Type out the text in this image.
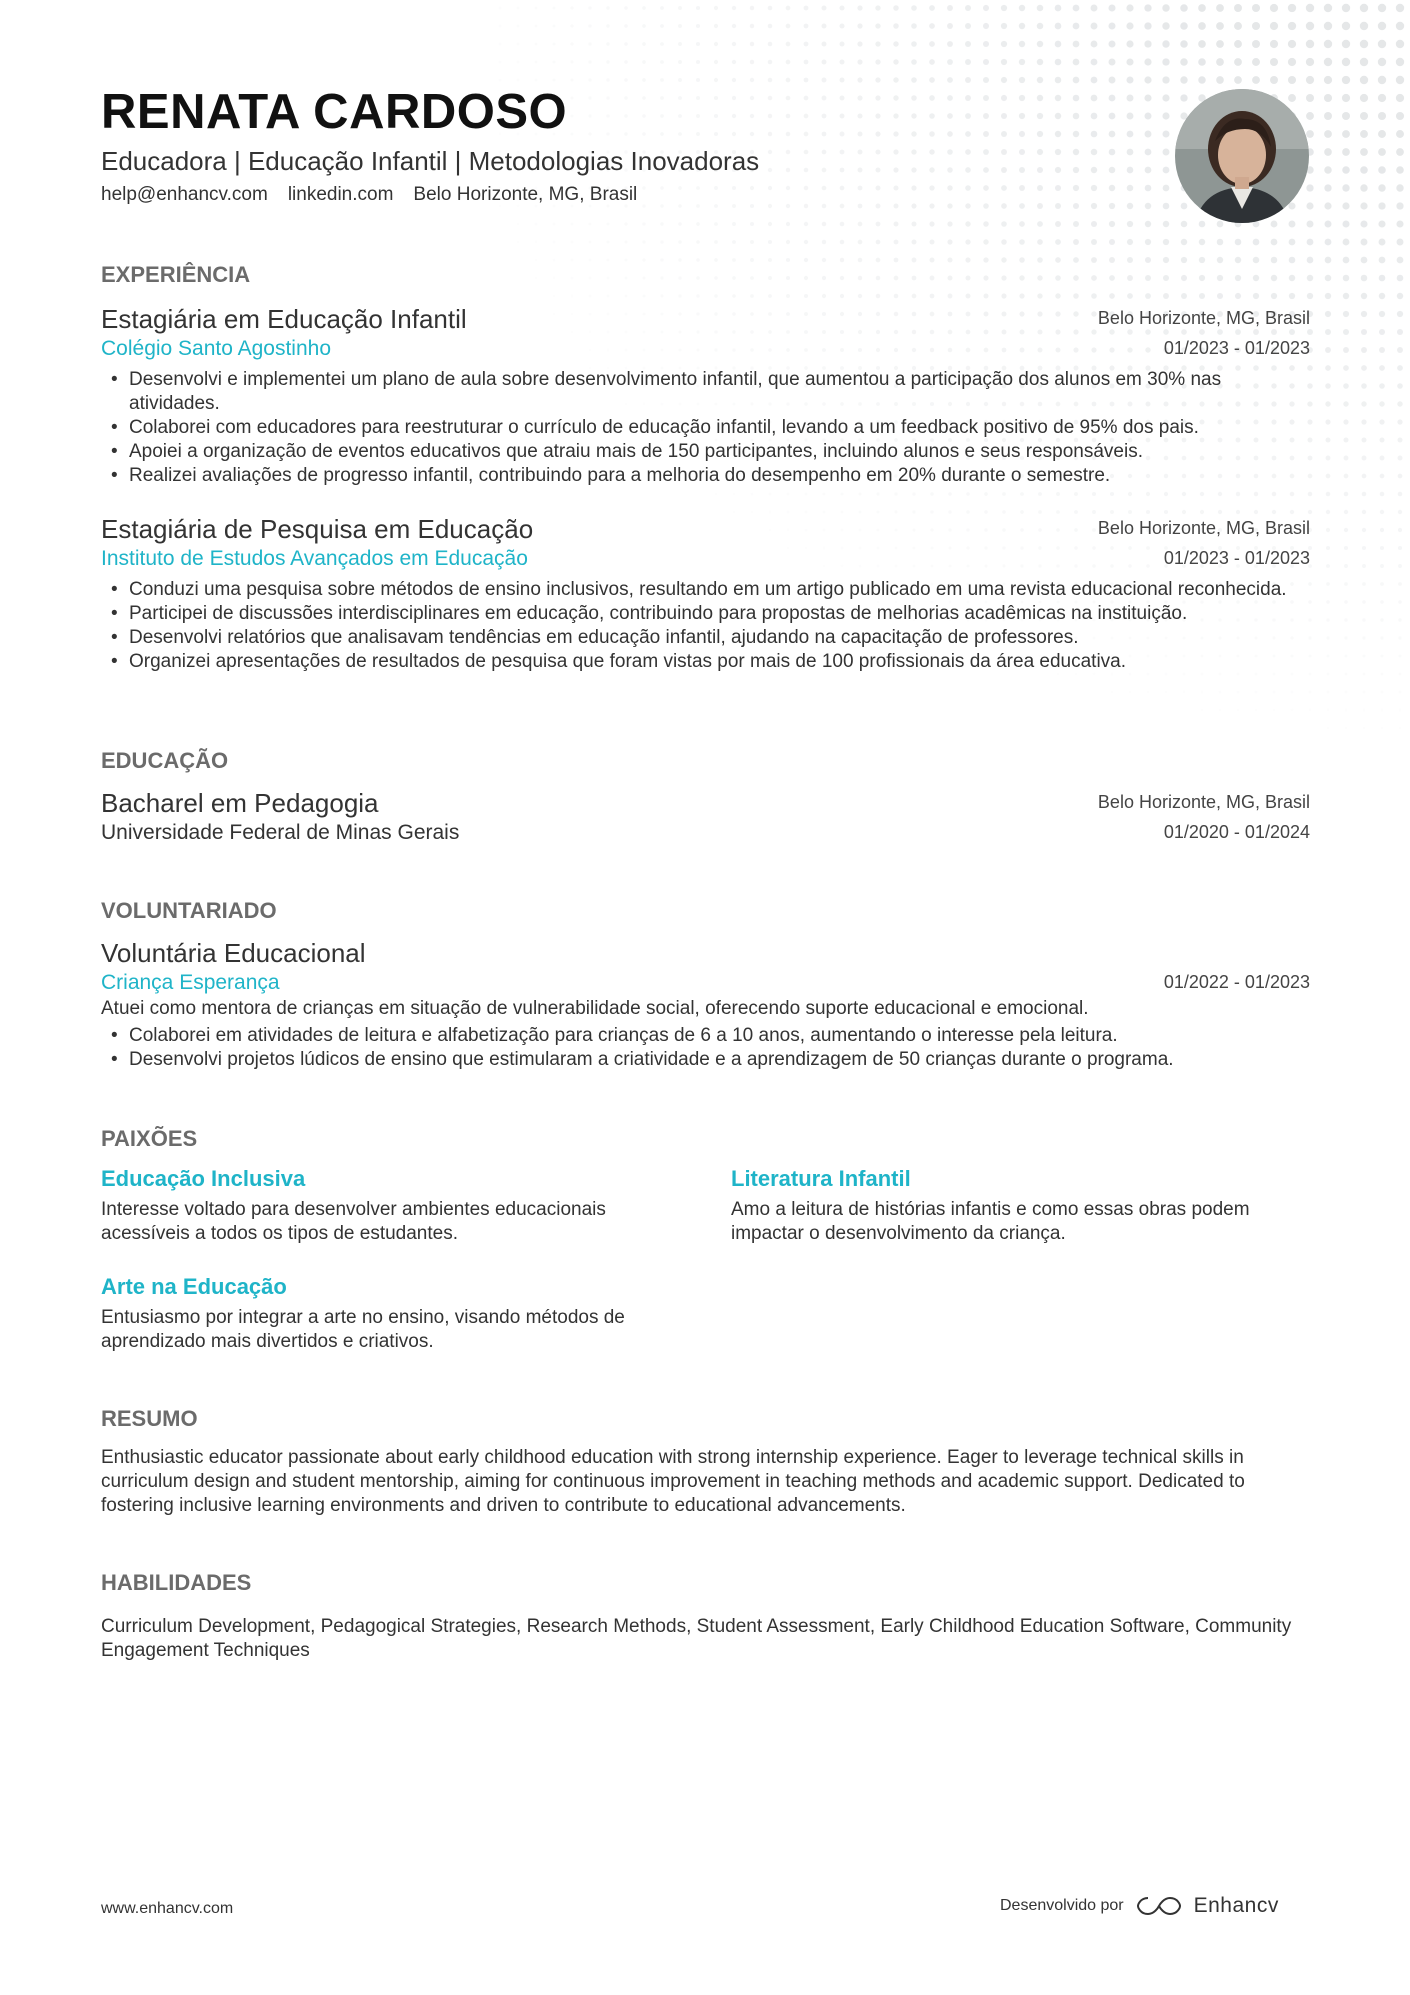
RENATA CARDOSO
Educadora | Educação Infantil | Metodologias Inovadoras
help@enhancv.com linkedin.com Belo Horizonte, MG, Brasil
EXPERIÊNCIA
Estagiária em Educação Infantil	Belo Horizonte, MG, Brasil
Colégio Santo Agostinho	01/2023 - 01/2023
• Desenvolvi e implementei um plano de aula sobre desenvolvimento infantil, que aumentou a participação dos alunos em 30% nas atividades.
• Colaborei com educadores para reestruturar o currículo de educação infantil, levando a um feedback positivo de 95% dos pais.
• Apoiei a organização de eventos educativos que atraiu mais de 150 participantes, incluindo alunos e seus responsáveis.
• Realizei avaliações de progresso infantil, contribuindo para a melhoria do desempenho em 20% durante o semestre.
Estagiária de Pesquisa em Educação	Belo Horizonte, MG, Brasil
Instituto de Estudos Avançados em Educação	01/2023 - 01/2023
• Conduzi uma pesquisa sobre métodos de ensino inclusivos, resultando em um artigo publicado em uma revista educacional reconhecida.
• Participei de discussões interdisciplinares em educação, contribuindo para propostas de melhorias acadêmicas na instituição.
• Desenvolvi relatórios que analisavam tendências em educação infantil, ajudando na capacitação de professores.
• Organizei apresentações de resultados de pesquisa que foram vistas por mais de 100 profissionais da área educativa.
EDUCAÇÃO
Bacharel em Pedagogia	Belo Horizonte, MG, Brasil
Universidade Federal de Minas Gerais	01/2020 - 01/2024
VOLUNTARIADO
Voluntária Educacional
Criança Esperança	01/2022 - 01/2023
Atuei como mentora de crianças em situação de vulnerabilidade social, oferecendo suporte educacional e emocional.
• Colaborei em atividades de leitura e alfabetização para crianças de 6 a 10 anos, aumentando o interesse pela leitura.
• Desenvolvi projetos lúdicos de ensino que estimularam a criatividade e a aprendizagem de 50 crianças durante o programa.
PAIXÕES
Educação Inclusiva
Interesse voltado para desenvolver ambientes educacionais acessíveis a todos os tipos de estudantes.
Literatura Infantil
Amo a leitura de histórias infantis e como essas obras podem impactar o desenvolvimento da criança.
Arte na Educação
Entusiasmo por integrar a arte no ensino, visando métodos de aprendizado mais divertidos e criativos.
RESUMO

Enthusiastic educator passionate about early childhood education with strong internship experience. Eager to leverage technical skills in curriculum design and student mentorship, aiming for continuous improvement in teaching methods and academic support. Dedicated to fostering inclusive learning environments and driven to contribute to educational advancements.

HABILIDADES

Curriculum Development, Pedagogical Strategies, Research Methods, Student Assessment, Early Childhood Education Software, Community Engagement Techniques

www.enhancv.com	Desenvolvido por	Enhancv
